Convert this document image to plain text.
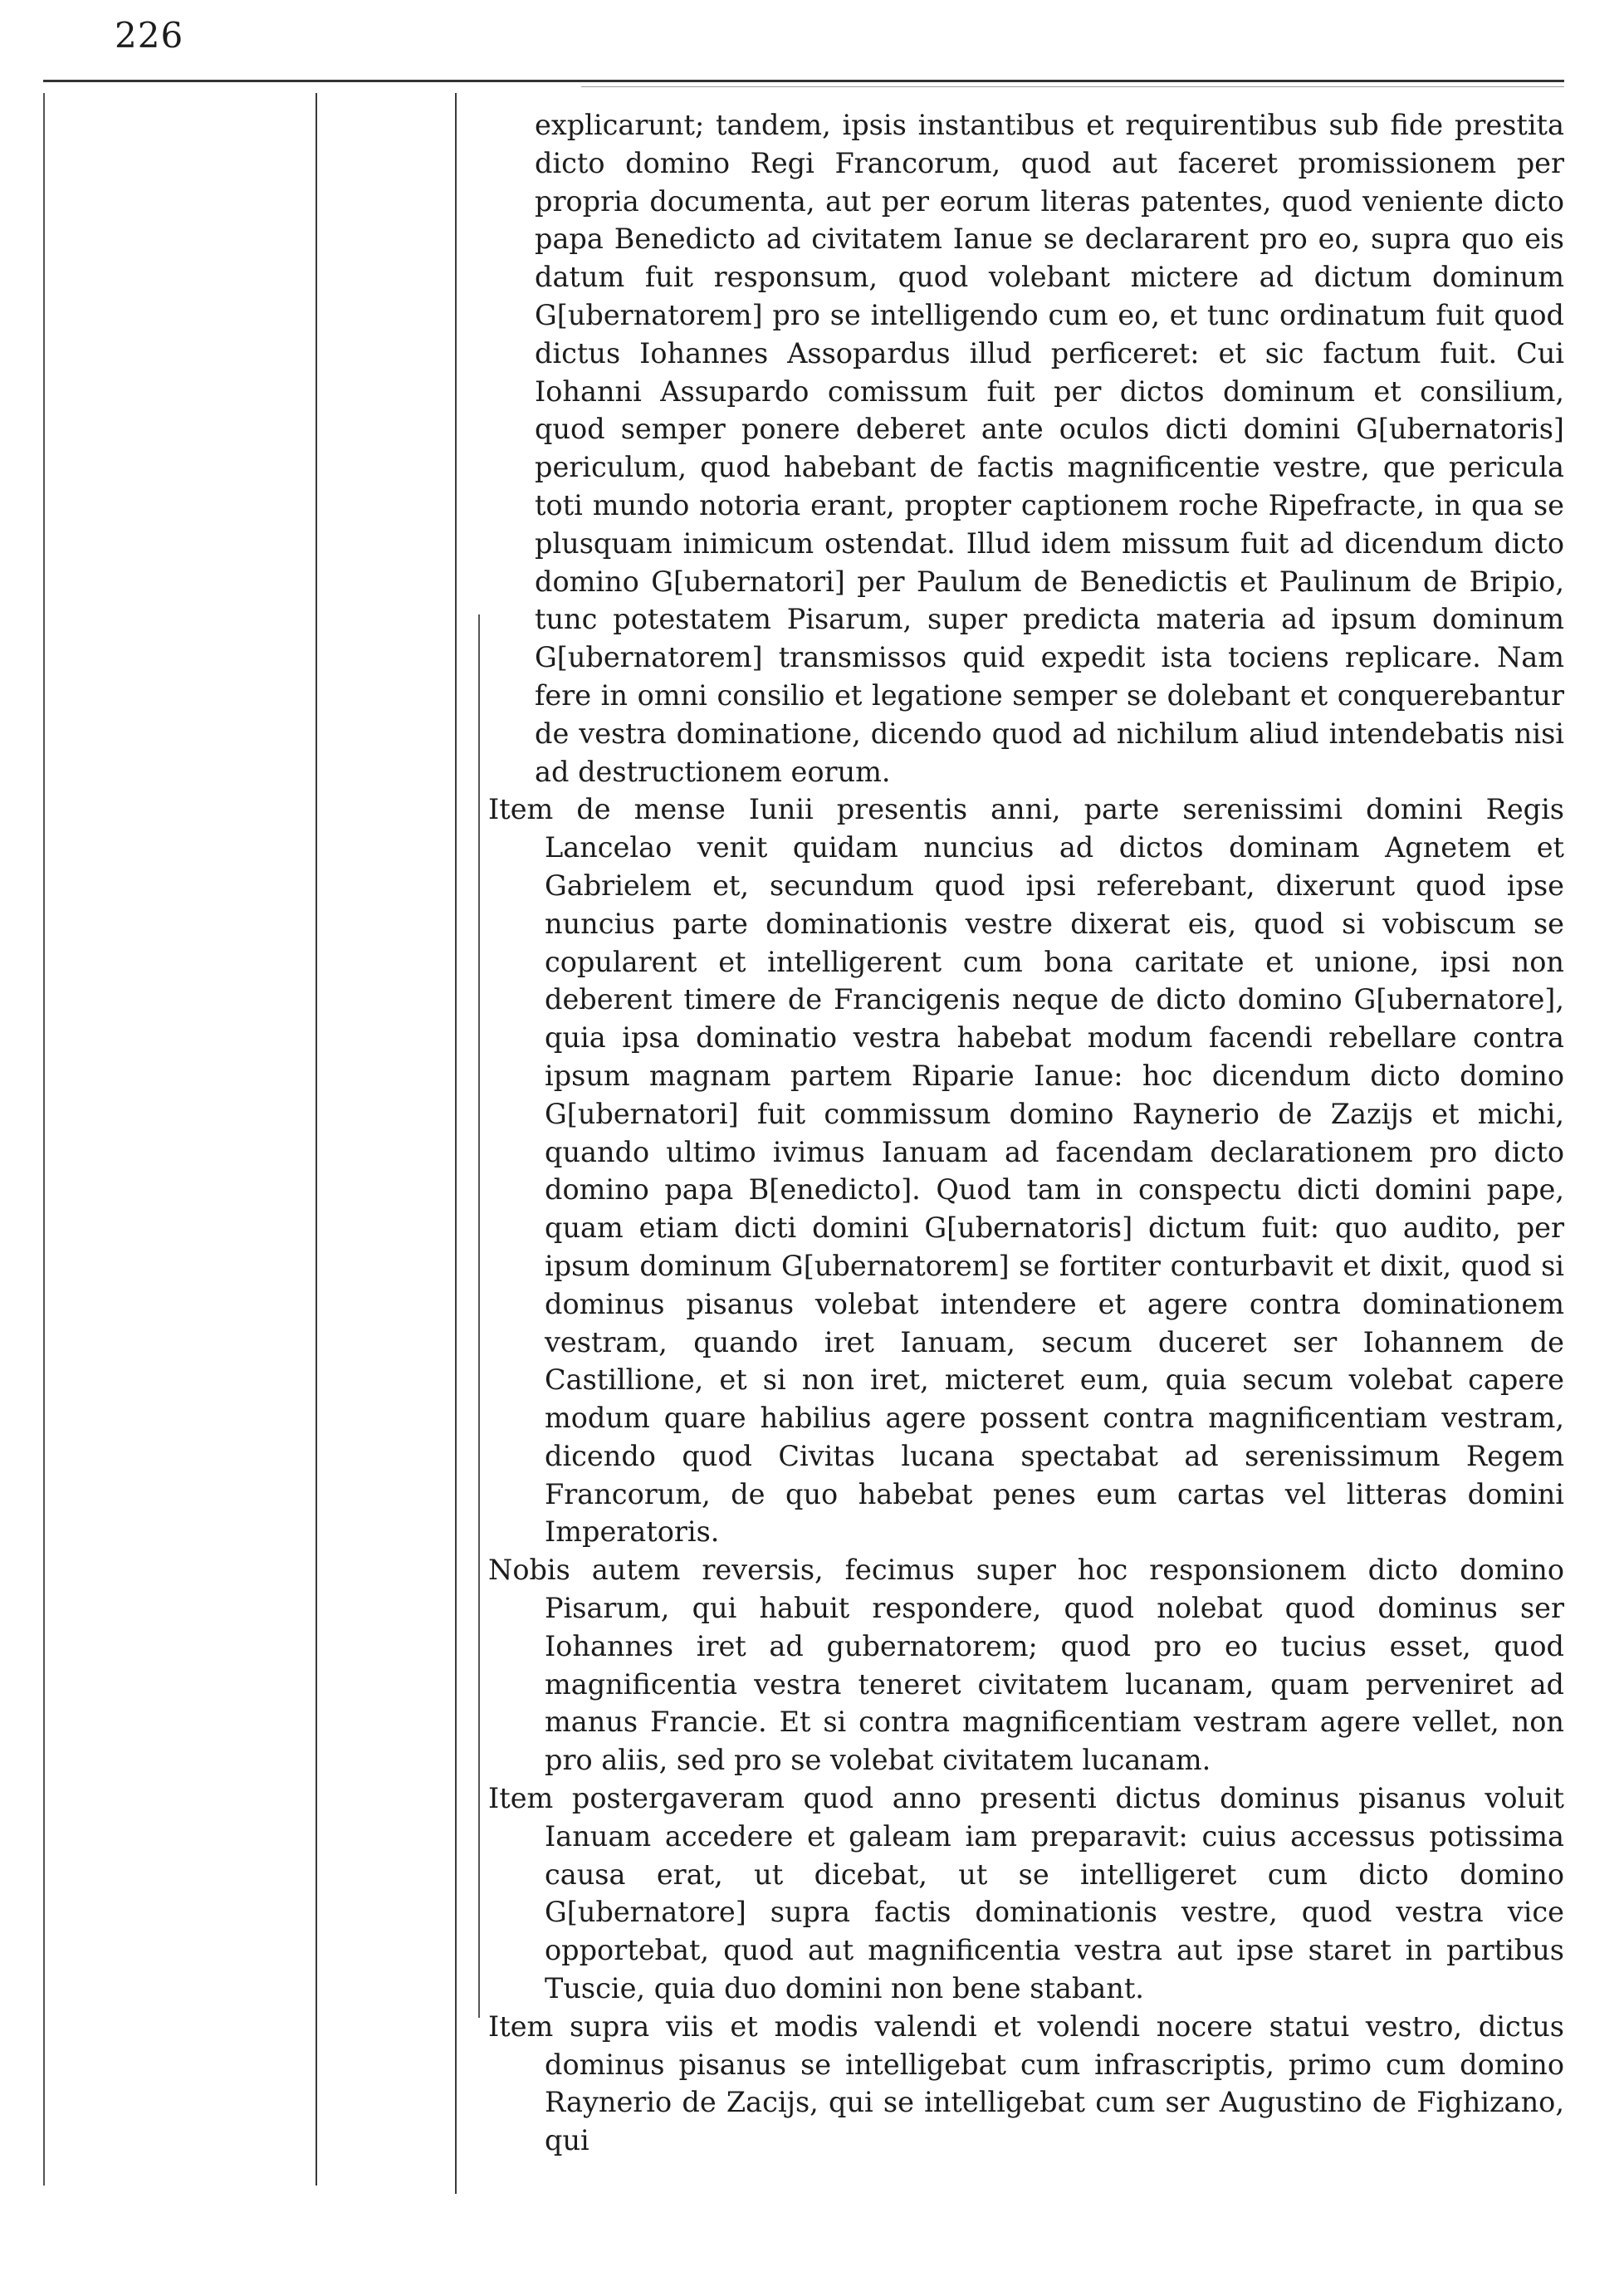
226

explicarunt; tandem, ipsis instantibus et requirentibus sub fide prestita dicto domino Regi Francorum, quod aut faceret promissionem per propria documenta, aut per eorum literas patentes, quod veniente dicto papa Benedicto ad civitatem Ianue se declararent pro eo, supra quo eis datum fuit responsum, quod volebant mictere ad dictum dominum G[ubernatorem] pro se intelligendo cum eo, et tunc ordinatum fuit quod dictus Iohannes Assopardus illud perficeret: et sic factum fuit. Cui Iohanni Assupardo comissum fuit per dictos dominum et consilium, quod semper ponere deberet ante oculos dicti domini G[ubernatoris] periculum, quod habebant de factis magnificentie vestre, que pericula toti mundo notoria erant, propter captionem roche Ripefracte, in qua se plusquam inimicum ostendat. Illud idem missum fuit ad dicendum dicto domino G[ubernatori] per Paulum de Benedictis et Paulinum de Bripio, tunc potestatem Pisarum, super predicta materia ad ipsum dominum G[ubernatorem] transmissos quid expedit ista tociens replicare. Nam fere in omni consilio et legatione semper se dolebant et conquerebantur de vestra dominatione, dicendo quod ad nichilum aliud intendebatis nisi ad destructionem eorum.

Item de mense Iunii presentis anni, parte serenissimi domini Regis Lancelao venit quidam nuncius ad dictos dominam Agnetem et Gabrielem et, secundum quod ipsi referebant, dixerunt quod ipse nuncius parte dominationis vestre dixerat eis, quod si vobiscum se copularent et intelligerent cum bona caritate et unione, ipsi non deberent timere de Francigenis neque de dicto domino G[ubernatore], quia ipsa dominatio vestra habebat modum facendi rebellare contra ipsum magnam partem Riparie Ianue: hoc dicendum dicto domino G[ubernatori] fuit commissum domino Raynerio de Zazijs et michi, quando ultimo ivimus Ianuam ad facendam declarationem pro dicto domino papa B[enedicto]. Quod tam in conspectu dicti domini pape, quam etiam dicti domini G[ubernatoris] dictum fuit: quo audito, per ipsum dominum G[ubernatorem] se fortiter conturbavit et dixit, quod si dominus pisanus volebat intendere et agere contra dominationem vestram, quando iret Ianuam, secum duceret ser Iohannem de Castillione, et si non iret, micteret eum, quia secum volebat capere modum quare habilius agere possent contra magnificentiam vestram, dicendo quod Civitas lucana spectabat ad serenissimum Regem Francorum, de quo habebat penes eum cartas vel litteras domini Imperatoris.

Nobis autem reversis, fecimus super hoc responsionem dicto domino Pisarum, qui habuit respondere, quod nolebat quod dominus ser Iohannes iret ad gubernatorem; quod pro eo tucius esset, quod magnificentia vestra teneret civitatem lucanam, quam perveniret ad manus Francie. Et si contra magnificentiam vestram agere vellet, non pro aliis, sed pro se volebat civitatem lucanam.

Item postergaveram quod anno presenti dictus dominus pisanus voluit Ianuam accedere et galeam iam preparavit: cuius accessus potissima causa erat, ut dicebat, ut se intelligeret cum dicto domino G[ubernatore] supra factis dominationis vestre, quod vestra vice opportebat, quod aut magnificentia vestra aut ipse staret in partibus Tuscie, quia duo domini non bene stabant.

Item supra viis et modis valendi et volendi nocere statui vestro, dictus dominus pisanus se intelligebat cum infrascriptis, primo cum domino Raynerio de Zacijs, qui se intelligebat cum ser Augustino de Fighizano, qui
